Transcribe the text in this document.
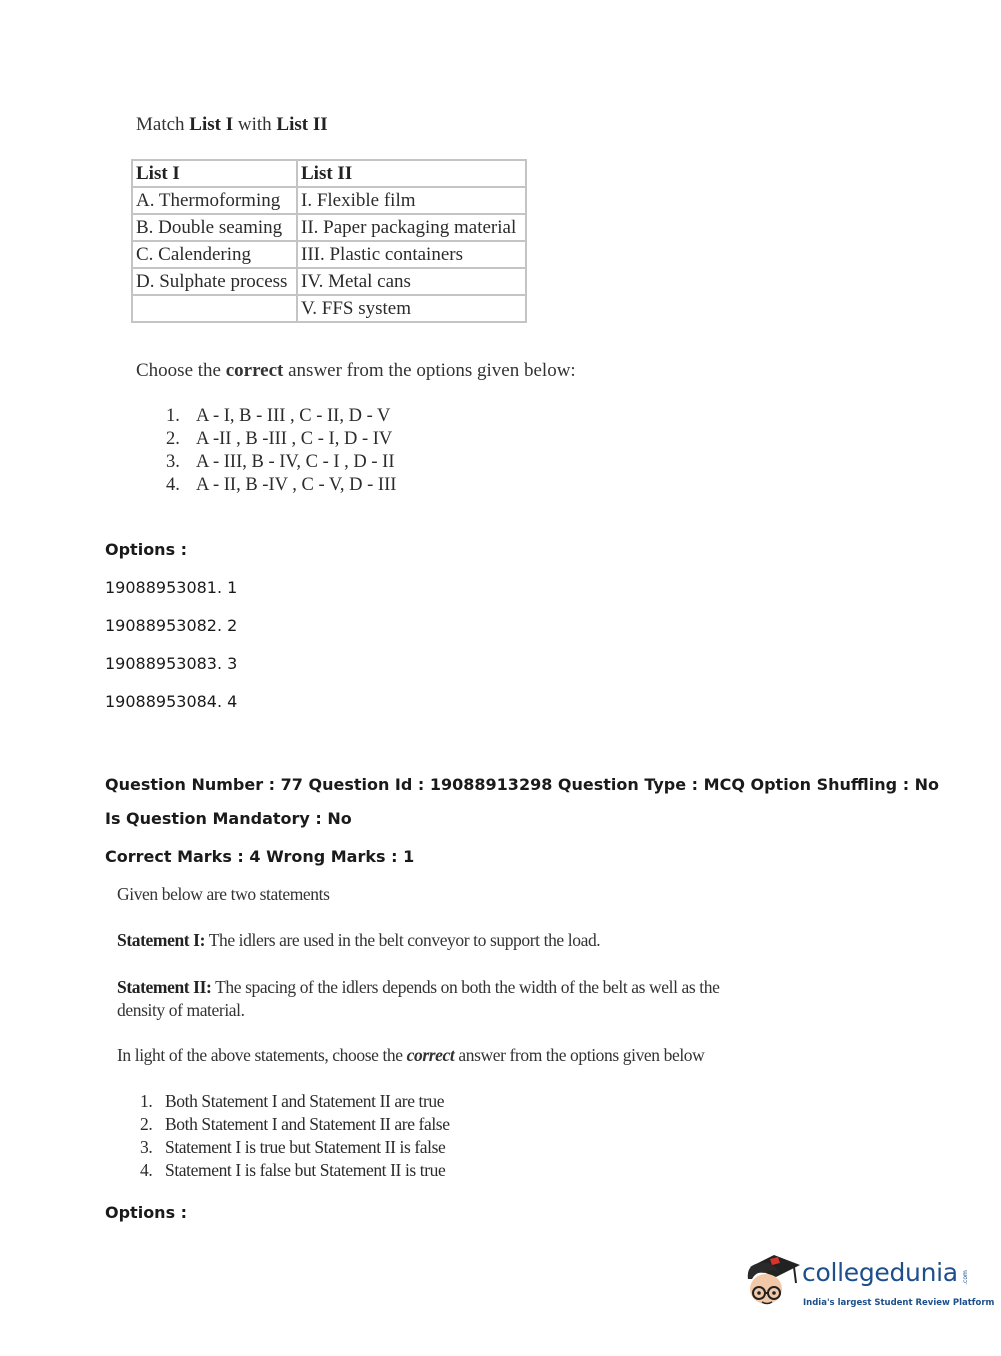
Match List I with List II
List I	List II
A. Thermoforming	I. Flexible film
B. Double seaming	II. Paper packaging material
C. Calendering	III. Plastic containers
D. Sulphate process	IV. Metal cans
	V. FFS system
Choose the correct answer from the options given below:
1. A - I, B - III , C - II, D - V
2. A -II , B -III , C - I, D - IV
3. A - III, B - IV, C - I , D - II
4. A - II, B -IV , C - V, D - III
Options :
19088953081. 1
19088953082. 2
19088953083. 3
19088953084. 4
Question Number : 77 Question Id : 19088913298 Question Type : MCQ Option Shuffling : No
Is Question Mandatory : No
Correct Marks : 4 Wrong Marks : 1
Given below are two statements
Statement I: The idlers are used in the belt conveyor to support the load.
Statement II: The spacing of the idlers depends on both the width of the belt as well as the density of material.
In light of the above statements, choose the correct answer from the options given below
1. Both Statement I and Statement II are true
2. Both Statement I and Statement II are false
3. Statement I is true but Statement II is false
4. Statement I is false but Statement II is true
Options :
collegedunia .com
India's largest Student Review Platform
